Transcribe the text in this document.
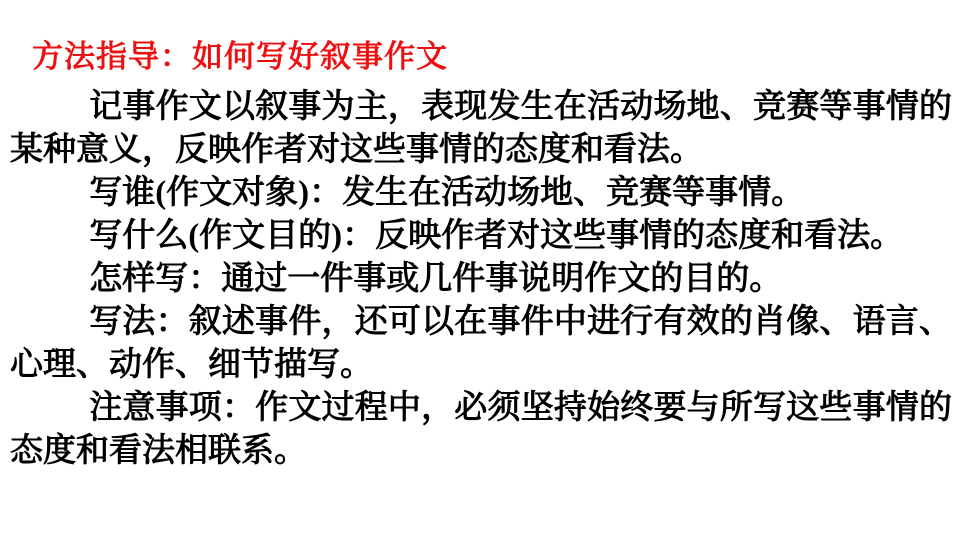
方法指导：如何写好叙事作文

记事作文以叙事为主，表现发生在活动场地、竞赛等事情的某种意义，反映作者对这些事情的态度和看法。

写谁(作文对象)：发生在活动场地、竞赛等事情。

写什么(作文目的)：反映作者对这些事情的态度和看法。

怎样写：通过一件事或几件事说明作文的目的。

写法：叙述事件，还可以在事件中进行有效的肖像、语言、心理、动作、细节描写。

注意事项：作文过程中，必须坚持始终要与所写这些事情的态度和看法相联系。
